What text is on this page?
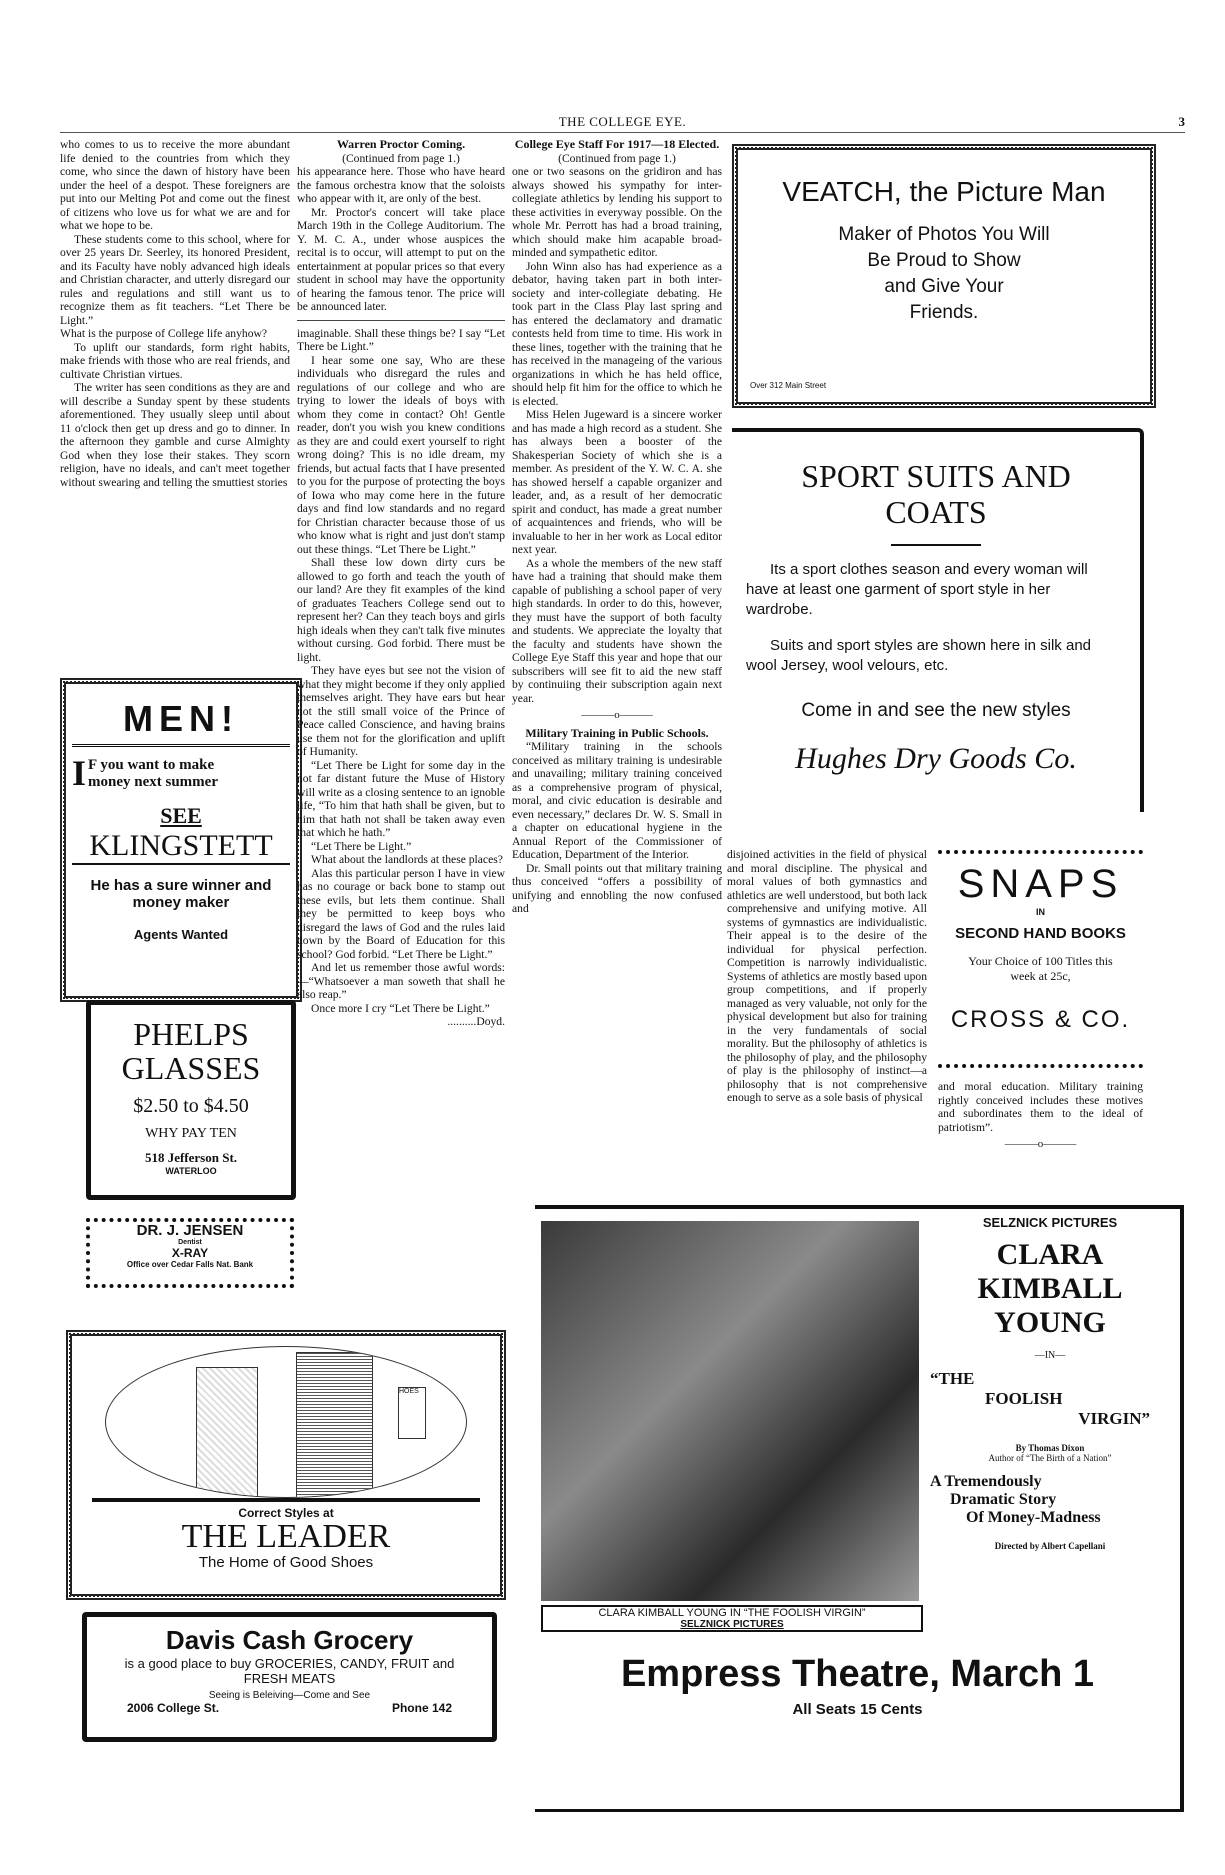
THE COLLEGE EYE.	3

who comes to us to receive the more abundant life denied to the countries from which they come, who since the dawn of history have been under the heel of a despot. These foreigners are put into our Melting Pot and come out the finest of citizens who love us for what we are and for what we hope to be.

These students come to this school, where for over 25 years Dr. Seerley, its honored President, and its Faculty have nobly advanced high ideals and Christian character, and utterly disregard our rules and regulations and still want us to recognize them as fit teachers. “Let There be Light.”

What is the purpose of College life anyhow?

To uplift our standards, form right habits, make friends with those who are real friends, and cultivate Christian virtues.

The writer has seen conditions as they are and will describe a Sunday spent by these students aforementioned. They usually sleep until about 11 o'clock then get up dress and go to dinner. In the afternoon they gamble and curse Almighty God when they lose their stakes. They scorn religion, have no ideals, and can't meet together without swearing and telling the smuttiest stories

MEN!
I F you want to make
money next summer
SEE
KLINGSTETT
He has a sure winner and
money maker
Agents Wanted
PHELPS
GLASSES
$2.50 to $4.50
WHY PAY TEN
518 Jefferson St.
WATERLOO
DR. J. JENSEN
Dentist
X-RAY
Office over Cedar Falls Nat. Bank

Warren Proctor Coming.

(Continued from page 1.)

his appearance here. Those who have heard the famous orchestra know that the soloists who appear with it, are only of the best.

Mr. Proctor's concert will take place March 19th in the College Auditorium. The Y. M. C. A., under whose auspices the recital is to occur, will attempt to put on the entertainment at popular prices so that every student in school may have the opportunity of hearing the famous tenor. The price will be announced later.

imaginable. Shall these things be? I say “Let There be Light.”

I hear some one say, Who are these individuals who disregard the rules and regulations of our college and who are trying to lower the ideals of boys with whom they come in contact? Oh! Gentle reader, don't you wish you knew conditions as they are and could exert yourself to right wrong doing? This is no idle dream, my friends, but actual facts that I have presented to you for the purpose of protecting the boys of Iowa who may come here in the future days and find low standards and no regard for Christian character because those of us who know what is right and just don't stamp out these things. “Let There be Light.”

Shall these low down dirty curs be allowed to go forth and teach the youth of our land? Are they fit examples of the kind of graduates Teachers College send out to represent her? Can they teach boys and girls high ideals when they can't talk five minutes without cursing. God forbid. There must be light.

They have eyes but see not the vision of what they might become if they only applied themselves aright. They have ears but hear not the still small voice of the Prince of Peace called Conscience, and having brains use them not for the glorification and uplift of Humanity.

“Let There be Light for some day in the not far distant future the Muse of History will write as a closing sentence to an ignoble life, “To him that hath shall be given, but to him that hath not shall be taken away even that which he hath.”

“Let There be Light.”

What about the landlords at these places?

Alas this particular person I have in view has no courage or back bone to stamp out these evils, but lets them continue. Shall they be permitted to keep boys who disregard the laws of God and the rules laid down by the Board of Education for this school? God forbid. “Let There be Light.”

And let us remember those awful words:—“Whatsoever a man soweth that shall he also reap.”

Once more I cry “Let There be Light.”

..........Doyd.

College Eye Staff For 1917—18 Elected.

(Continued from page 1.)

one or two seasons on the gridiron and has always showed his sympathy for inter-collegiate athletics by lending his support to these activities in everyway possible. On the whole Mr. Perrott has had a broad training, which should make him acapable broad-minded and sympathetic editor.

John Winn also has had experience as a debator, having taken part in both inter-society and inter-collegiate debating. He took part in the Class Play last spring and has entered the declamatory and dramatic contests held from time to time. His work in these lines, together with the training that he has received in the manageing of the various organizations in which he has held office, should help fit him for the office to which he is elected.

Miss Helen Jugeward is a sincere worker and has made a high record as a student. She has always been a booster of the Shakesperian Society of which she is a member. As president of the Y. W. C. A. she has showed herself a capable organizer and leader, and, as a result of her democratic spirit and conduct, has made a great number of acquaintences and friends, who will be invaluable to her in her work as Local editor next year.

As a whole the members of the new staff have had a training that should make them capable of publishing a school paper of very high standards. In order to do this, however, they must have the support of both faculty and students. We appreciate the loyalty that the faculty and students have shown the College Eye Staff this year and hope that our subscribers will see fit to aid the new staff by continuiing their subscription again next year.

———o———

Military Training in Public Schools.

“Military training in the schools conceived as military training is undesirable and unavailing; military training conceived as a comprehensive program of physical, moral, and civic education is desirable and even necessary,” declares Dr. W. S. Small in a chapter on educational hygiene in the Annual Report of the Commissioner of Education, Department of the Interior.

Dr. Small points out that military training thus conceived “offers a possibility of unifying and ennobling the now confused and

VEATCH, the Picture Man
Maker of Photos You Will
Be Proud to Show
and Give Your
Friends.
Over 312 Main Street
SPORT SUITS AND
COATS
Its a sport clothes season and every woman will have at least one garment of sport style in her wardrobe.
Suits and sport styles are shown here in silk and wool Jersey, wool velours, etc.
Come in and see the new styles
Hughes Dry Goods Co.

disjoined activities in the field of physical and moral discipline. The physical and moral values of both gymnastics and athletics are well understood, but both lack comprehensive and unifying motive. All systems of gymnastics are individualistic. Their appeal is to the desire of the individual for physical perfection. Competition is narrowly individualistic. Systems of athletics are mostly based upon group competitions, and if properly managed as very valuable, not only for the physical development but also for training in the very fundamentals of social morality. But the philosophy of athletics is the philosophy of play, and the philosophy of play is the philosophy of instinct—a philosophy that is not comprehensive enough to serve as a sole basis of physical

SNAPS
IN
SECOND HAND BOOKS
Your Choice of 100 Titles this
week at 25c,
CROSS & CO.

and moral education. Military training rightly conceived includes these motives and subordinates them to the ideal of patriotism”.

———o———
HOES
Correct Styles at
THE LEADER
The Home of Good Shoes
Davis Cash Grocery
is a good place to buy GROCERIES, CANDY, FRUIT and
FRESH MEATS
Seeing is Beleiving—Come and See
2006 College St.	Phone 142
CLARA KIMBALL YOUNG IN “THE FOOLISH VIRGIN”
SELZNICK PICTURES
SELZNICK PICTURES
CLARA
KIMBALL
YOUNG
—IN—
“THE
FOOLISH
VIRGIN”
By Thomas Dixon
Author of “The Birth of a Nation”
A Tremendously
Dramatic Story
Of Money-Madness
Directed by Albert Capellani
Empress Theatre, March 1
All Seats 15 Cents
